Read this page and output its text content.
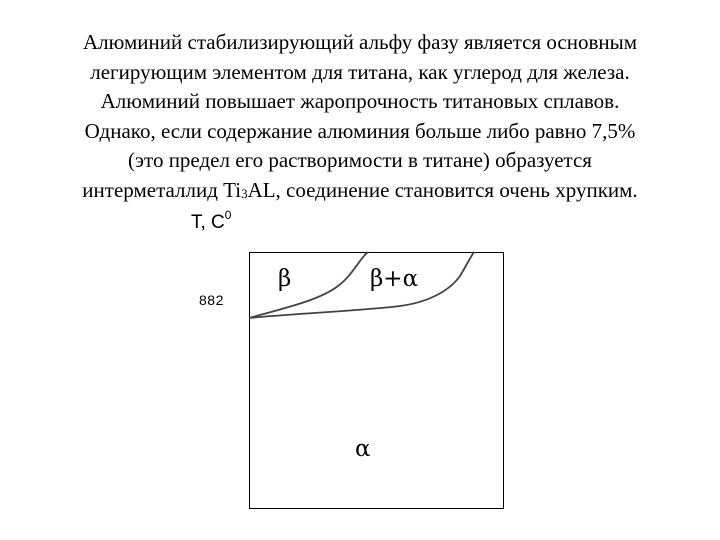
Алюминий стабилизирующий альфу фазу является основным
легирующим элементом для титана, как углерод для железа.
Алюминий повышает жаропрочность титановых сплавов.
Однако, если содержание алюминия больше либо равно 7,5%
(это предел его растворимости в титане) образуется
интерметаллид Ti3AL, соединение становится очень хрупким.
Т, $С^0$
882
β	β+α
α
